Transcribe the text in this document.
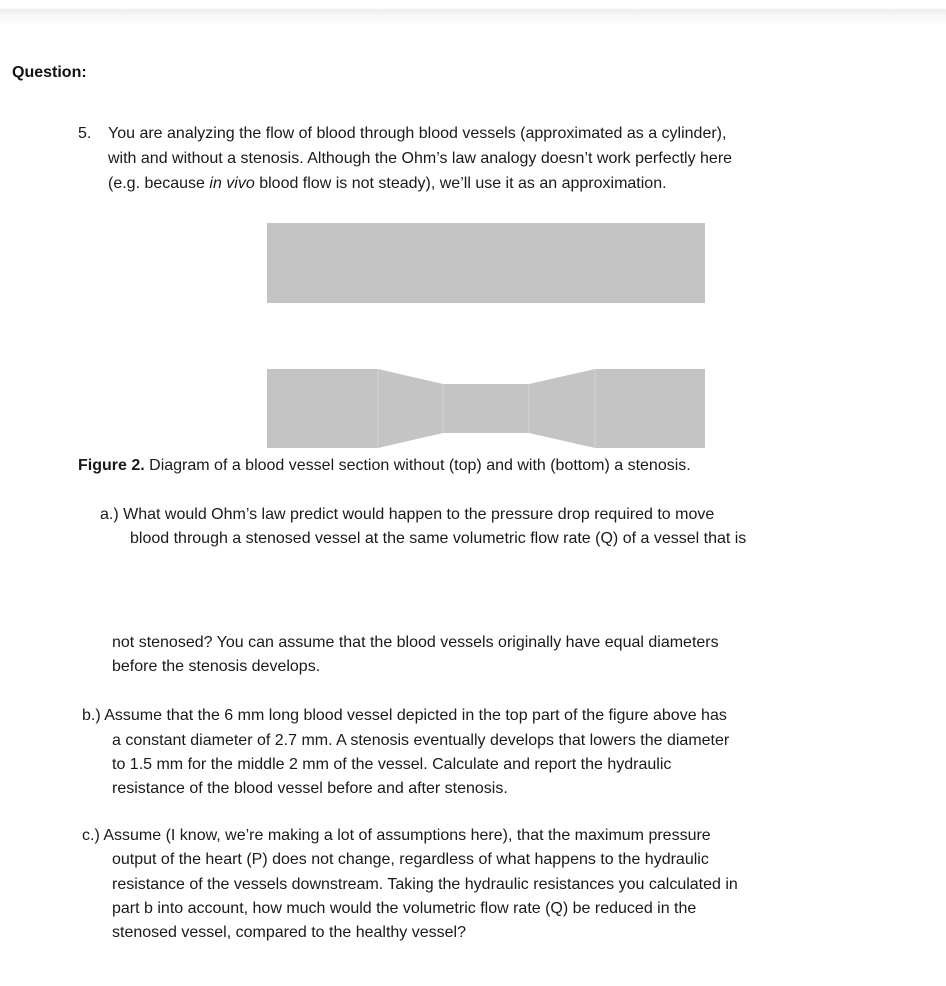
Question:
5. You are analyzing the flow of blood through blood vessels (approximated as a cylinder),
with and without a stenosis. Although the Ohm’s law analogy doesn’t work perfectly here
(e.g. because in vivo blood flow is not steady), we’ll use it as an approximation.
Figure 2. Diagram of a blood vessel section without (top) and with (bottom) a stenosis.
a.) What would Ohm’s law predict would happen to the pressure drop required to move
blood through a stenosed vessel at the same volumetric flow rate (Q) of a vessel that is
not stenosed? You can assume that the blood vessels originally have equal diameters
before the stenosis develops.
b.) Assume that the 6 mm long blood vessel depicted in the top part of the figure above has
a constant diameter of 2.7 mm. A stenosis eventually develops that lowers the diameter
to 1.5 mm for the middle 2 mm of the vessel. Calculate and report the hydraulic
resistance of the blood vessel before and after stenosis.
c.) Assume (I know, we’re making a lot of assumptions here), that the maximum pressure
output of the heart (P) does not change, regardless of what happens to the hydraulic
resistance of the vessels downstream. Taking the hydraulic resistances you calculated in
part b into account, how much would the volumetric flow rate (Q) be reduced in the
stenosed vessel, compared to the healthy vessel?
